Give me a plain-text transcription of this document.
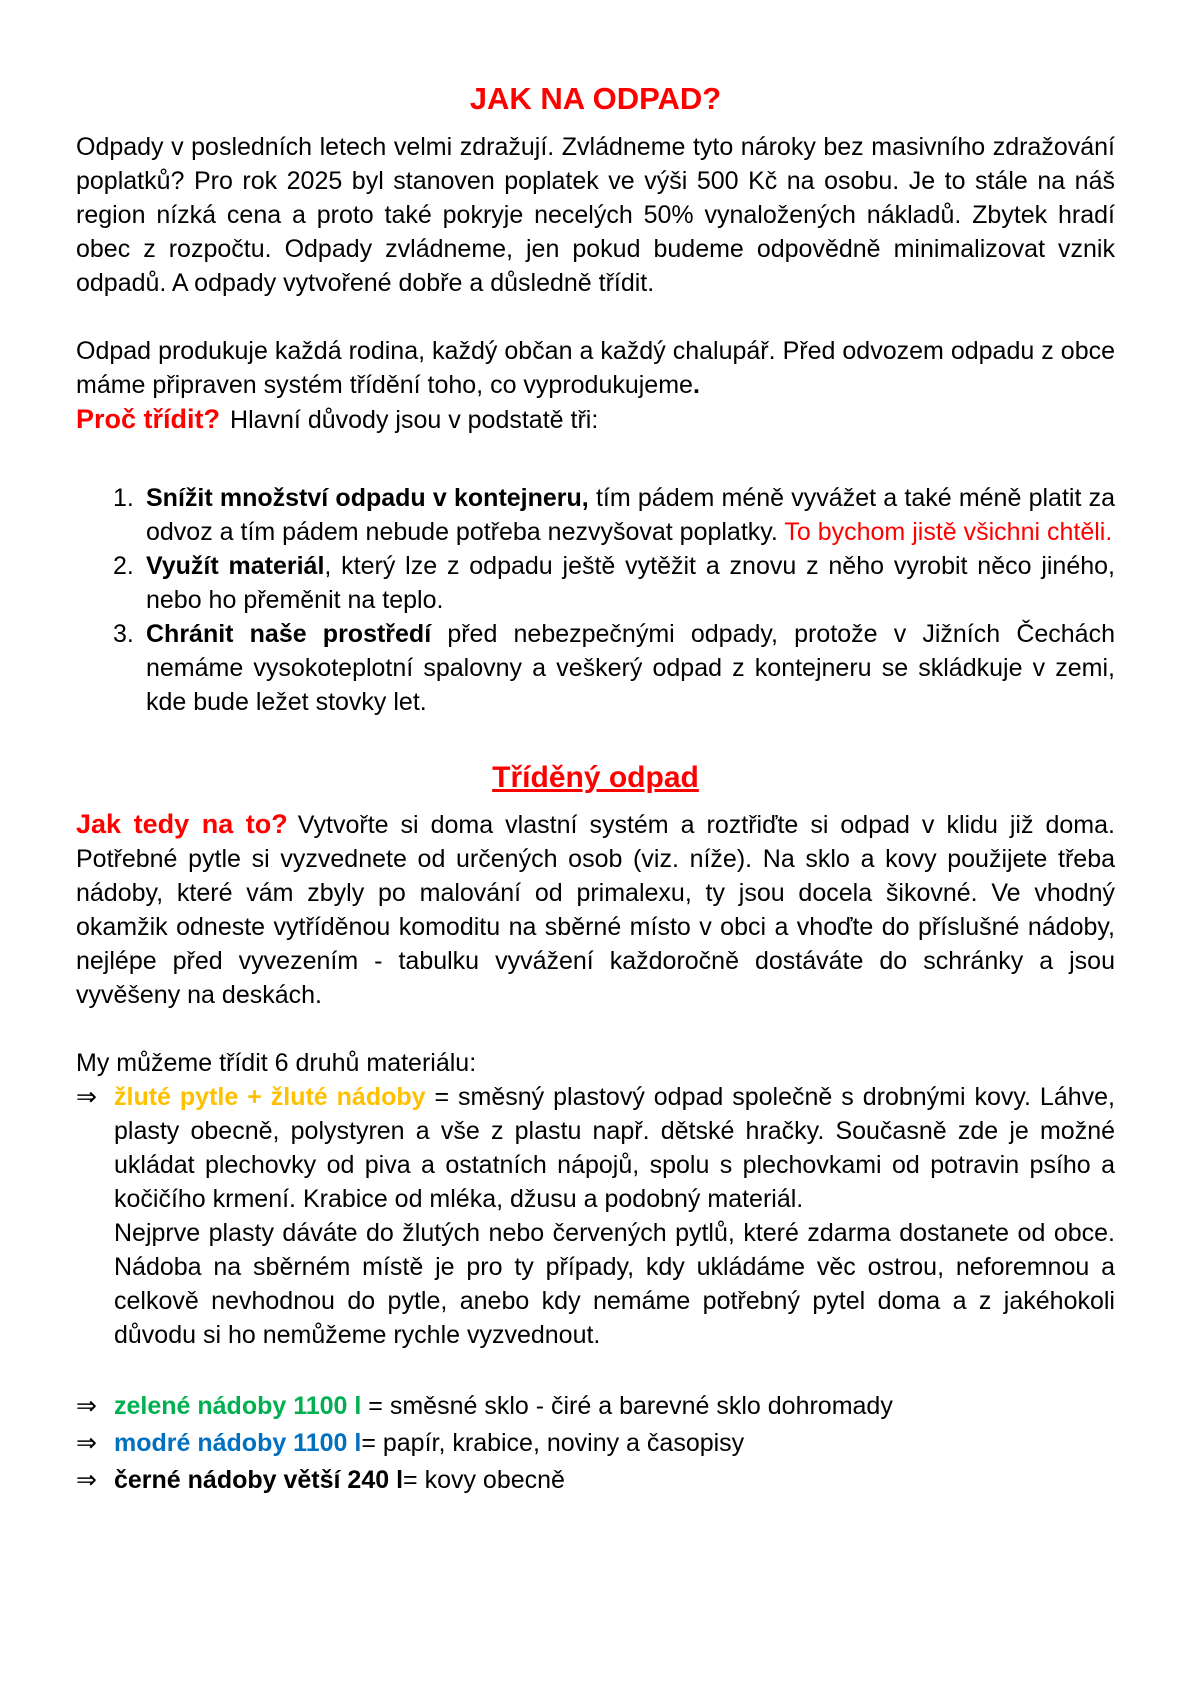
JAK NA ODPAD?

Odpady v posledních letech velmi zdražují. Zvládneme tyto nároky bez masivního zdražování poplatků? Pro rok 2025 byl stanoven poplatek ve výši 500 Kč na osobu. Je to stále na náš region nízká cena a proto také pokryje necelých 50% vynaložených nákladů. Zbytek hradí obec z rozpočtu. Odpady zvládneme, jen pokud budeme odpovědně minimalizovat vznik odpadů. A odpady vytvořené dobře a důsledně třídit.

Odpad produkuje každá rodina, každý občan a každý chalupář. Před odvozem odpadu z obce máme připraven systém třídění toho, co vyprodukujeme.

Proč třídit? Hlavní důvody jsou v podstatě tři:

1. Snížit množství odpadu v kontejneru, tím pádem méně vyvážet a také méně platit za odvoz a tím pádem nebude potřeba nezvyšovat poplatky. To bychom jistě všichni chtěli.
2. Využít materiál, který lze z odpadu ještě vytěžit a znovu z něho vyrobit něco jiného, nebo ho přeměnit na teplo.
3. Chránit naše prostředí před nebezpečnými odpady, protože v Jižních Čechách nemáme vysokoteplotní spalovny a veškerý odpad z kontejneru se skládkuje v zemi, kde bude ležet stovky let.
Tříděný odpad

Jak tedy na to? Vytvořte si doma vlastní systém a roztřiďte si odpad v klidu již doma. Potřebné pytle si vyzvednete od určených osob (viz. níže). Na sklo a kovy použijete třeba nádoby, které vám zbyly po malování od primalexu, ty jsou docela šikovné. Ve vhodný okamžik odneste vytříděnou komoditu na sběrné místo v obci a vhoďte do příslušné nádoby, nejlépe před vyvezením - tabulku vyvážení každoročně dostáváte do schránky a jsou vyvěšeny na deskách.

My můžeme třídit 6 druhů materiálu:

⇒ žluté pytle + žluté nádoby = směsný plastový odpad společně s drobnými kovy. Láhve, plasty obecně, polystyren a vše z plastu např. dětské hračky. Současně zde je možné ukládat plechovky od piva a ostatních nápojů, spolu s plechovkami od potravin psího a kočičího krmení. Krabice od mléka, džusu a podobný materiál.

Nejprve plasty dáváte do žlutých nebo červených pytlů, které zdarma dostanete od obce. Nádoba na sběrném místě je pro ty případy, kdy ukládáme věc ostrou, neforemnou a celkově nevhodnou do pytle, anebo kdy nemáme potřebný pytel doma a z jakéhokoli důvodu si ho nemůžeme rychle vyzvednout.

⇒ zelené nádoby 1100 l = směsné sklo - čiré a barevné sklo dohromady
⇒ modré nádoby 1100 l= papír, krabice, noviny a časopisy
⇒ černé nádoby větší 240 l= kovy obecně
